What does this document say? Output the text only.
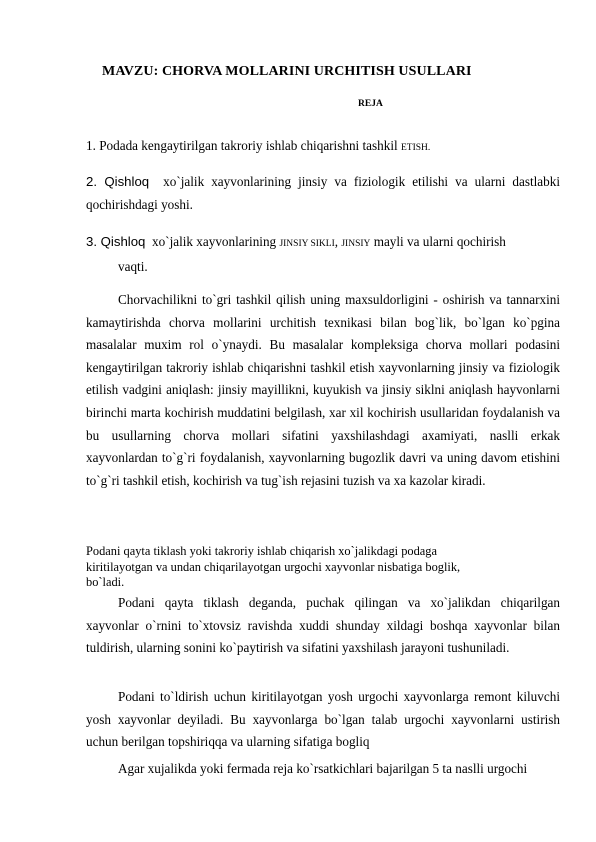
MAVZU: CHORVA MOLLARINI URCHITISH USULLARI
REJA
1. Podada kengaytirilgan takroriy ishlab chiqarishni tashkil ETISH.
2. Qishloq xo`jalik xayvonlarining jinsiy va fiziologik etilishi va ularni dastlabki
qochirishdagi yoshi.
3. Qishloq xo`jalik xayvonlarining JINSIY SIKLI, JINSIY mayli va ularni qochirish
vaqti.
Chorvachilikni to`gri tashkil qilish uning maxsuldorligini - oshirish va tannarxini kamaytirishda chorva mollarini urchitish texnikasi bilan bog`lik, bo`lgan ko`pgina masalalar muxim rol o`ynaydi. Bu masalalar kompleksiga chorva mollari podasini kengaytirilgan takroriy ishlab chiqarishni tashkil etish xayvonlarning jinsiy va fiziologik etilish vadgini aniqlash: jinsiy mayillikni, kuyukish va jinsiy siklni aniqlash hayvonlarni birinchi marta kochirish muddatini belgilash, xar xil kochirish usullaridan foydalanish va bu usullarning chorva mollari sifatini yaxshilashdagi axamiyati, naslli erkak xayvonlardan to`g`ri foydalanish, xayvonlarning bugozlik davri va uning davom etishini to`g`ri tashkil etish, kochirish va tug`ish rejasini tuzish va xa kazolar kiradi.
Podani qayta tiklash yoki takroriy ishlab chiqarish xo`jalikdagi podaga
kiritilayotgan va undan chiqarilayotgan urgochi xayvonlar nisbatiga boglik,
bo`ladi.
Podani qayta tiklash deganda, puchak qilingan va xo`jalikdan chiqarilgan xayvonlar o`rnini to`xtovsiz ravishda xuddi shunday xildagi boshqa xayvonlar bilan tuldirish, ularning sonini ko`paytirish va sifatini yaxshilash jarayoni tushuniladi.
Podani to`ldirish uchun kiritilayotgan yosh urgochi xayvonlarga remont kiluvchi yosh xayvonlar deyiladi. Bu xayvonlarga bo`lgan talab urgochi xayvonlarni ustirish uchun berilgan topshiriqqa va ularning sifatiga bogliq
Agar xujalikda yoki fermada reja ko`rsatkichlari bajarilgan 5 ta naslli urgochi
